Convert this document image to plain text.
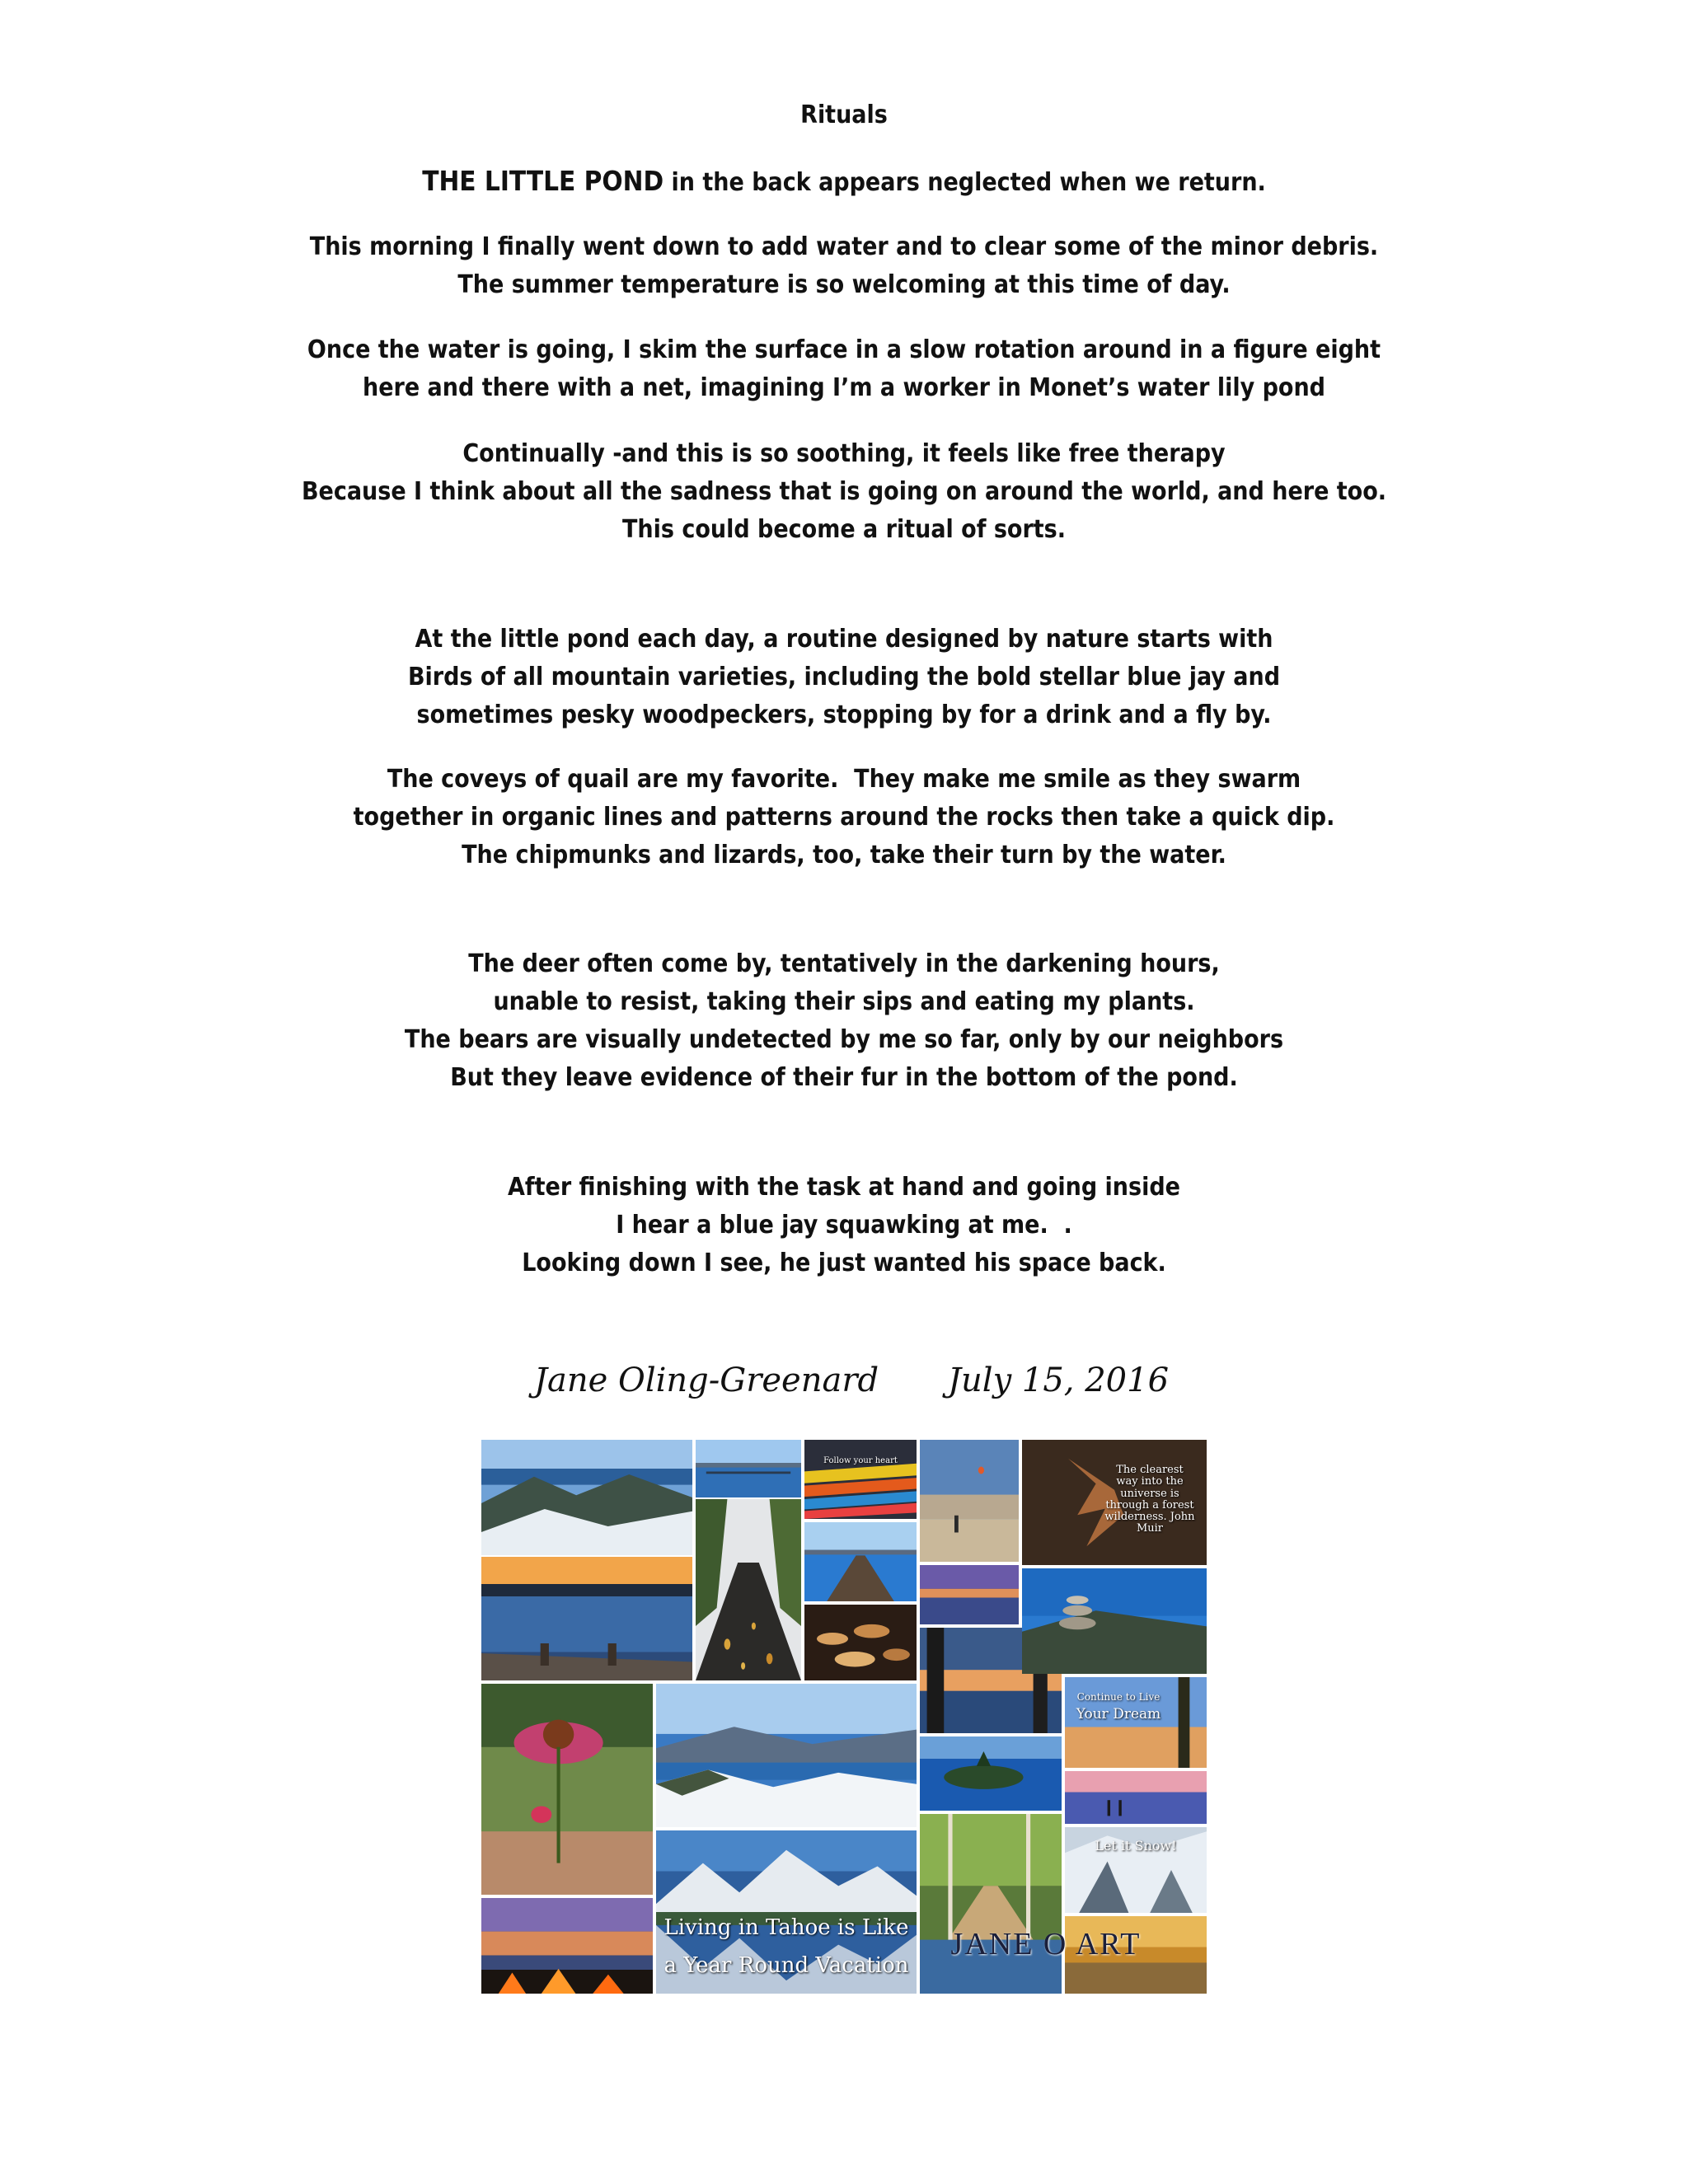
Rituals
THE LITTLE POND in the back appears neglected when we return.
This morning I finally went down to add water and to clear some of the minor debris.
The summer temperature is so welcoming at this time of day.
Once the water is going, I skim the surface in a slow rotation around in a figure eight
here and there with a net, imagining I’m a worker in Monet’s water lily pond
Continually -and this is so soothing, it feels like free therapy
Because I think about all the sadness that is going on around the world, and here too.
This could become a ritual of sorts.
At the little pond each day, a routine designed by nature starts with
Birds of all mountain varieties, including the bold stellar blue jay and
sometimes pesky woodpeckers, stopping by for a drink and a fly by.
The coveys of quail are my favorite.  They make me smile as they swarm
together in organic lines and patterns around the rocks then take a quick dip.
The chipmunks and lizards, too, take their turn by the water.
The deer often come by, tentatively in the darkening hours,
unable to resist, taking their sips and eating my plants.
The bears are visually undetected by me so far, only by our neighbors
But they leave evidence of their fur in the bottom of the pond.
After finishing with the task at hand and going inside
I hear a blue jay squawking at me.  .
Looking down I see, he just wanted his space back.
Jane Oling-Greenard July 15, 2016
Living in Tahoe is Like
a Year Round Vacation
Follow your heart
The clearest way into the universe is through a forest wilderness. John Muir
Continue to Live
Your Dream
Let it Snow!
JANE O ART
